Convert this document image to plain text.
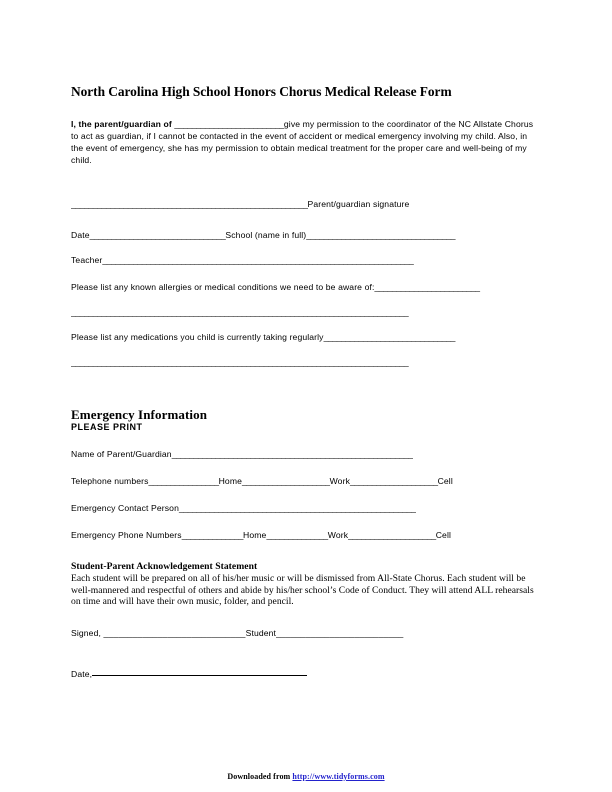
North Carolina High School Honors Chorus Medical Release Form

I, the parent/guardian of _________________________give my permission to the coordinator of the NC Allstate Chorus to act as guardian, if I cannot be contacted in the event of accident or medical emergency involving my child. Also, in the event of emergency, she has my permission to obtain medical treatment for the proper care and well-being of my child.

______________________________________________________Parent/guardian signature
Date_______________________________School (name in full)__________________________________
Teacher_______________________________________________________________________
Please list any known allergies or medical conditions we need to be aware of:________________________
_____________________________________________________________________________
Please list any medications you child is currently taking regularly______________________________
_____________________________________________________________________________
Emergency Information
PLEASE PRINT
Name of Parent/Guardian_______________________________________________________
Telephone numbers________________Home____________________Work____________________Cell
Emergency Contact Person______________________________________________________
Emergency Phone Numbers______________Home______________Work____________________Cell
Student-Parent Acknowledgement Statement

Each student will be prepared on all of his/her music or will be dismissed from All-State Chorus. Each student will be well-mannered and respectful of others and abide by his/her school’s Code of Conduct. They will attend ALL rehearsals on time and will have their own music, folder, and pencil.

Signed, _____________________________Student__________________________
Date,
Downloaded from http://www.tidyforms.com
